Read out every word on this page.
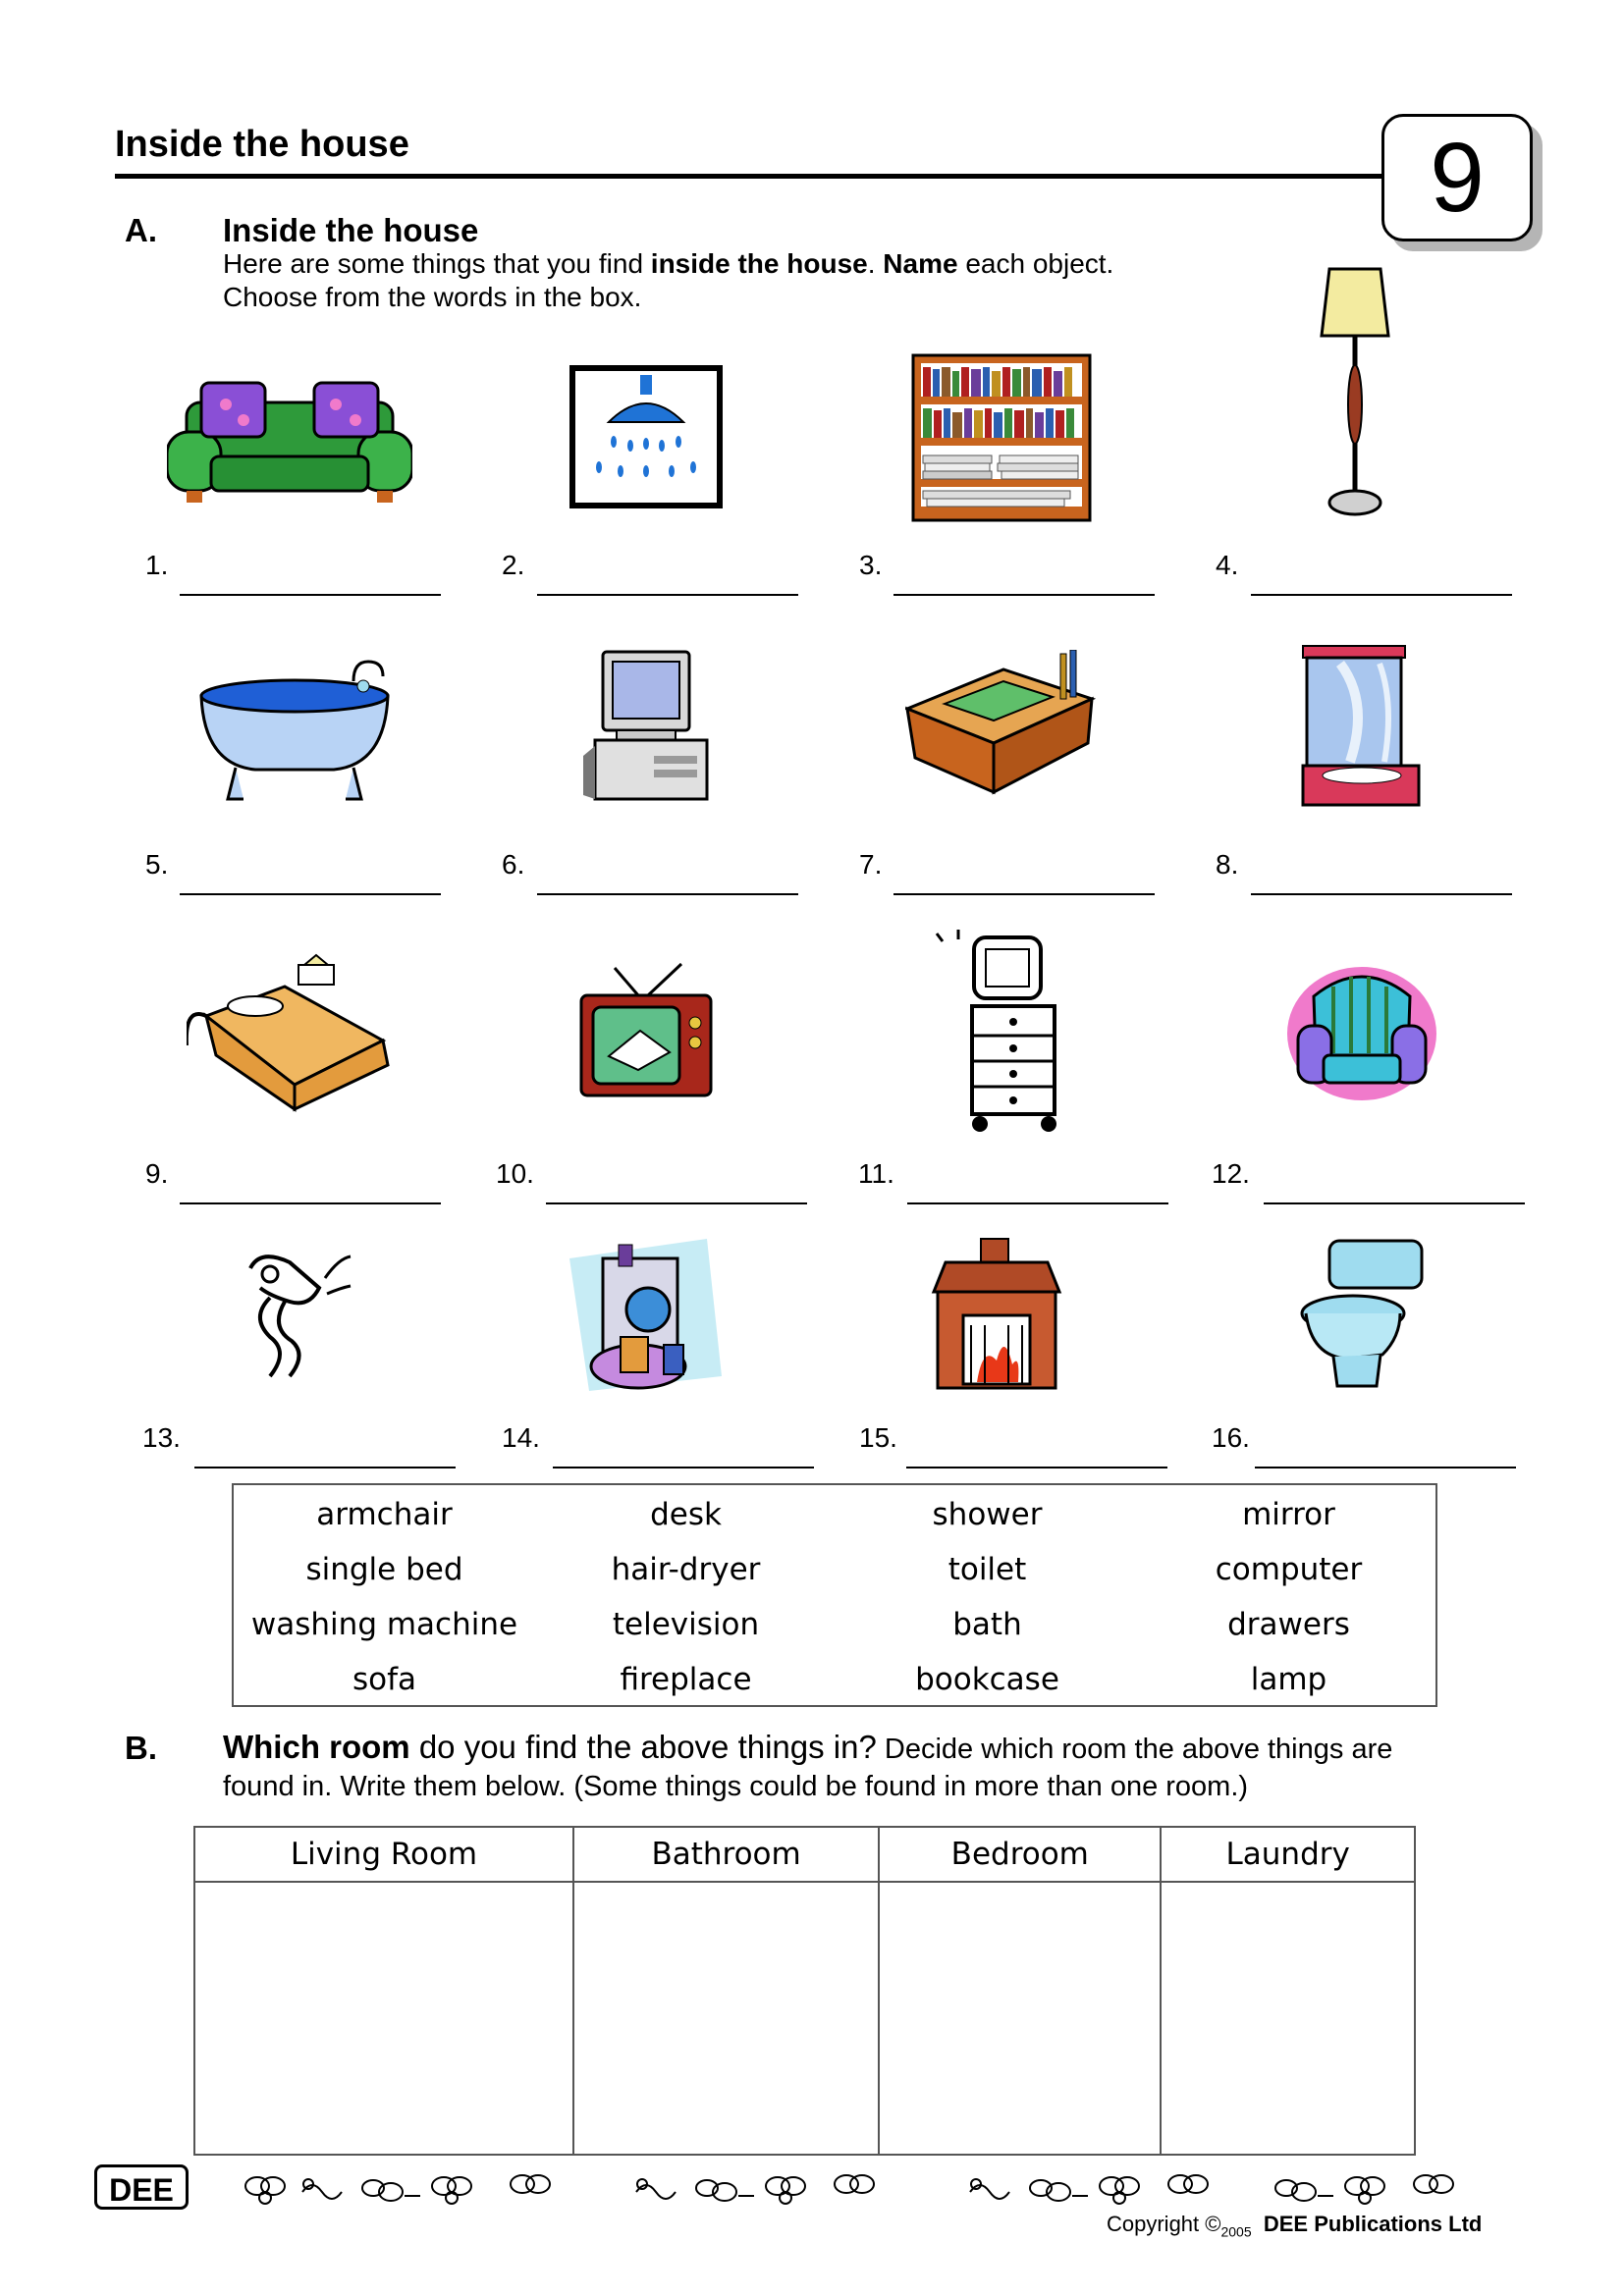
Inside the house	9
A. Inside the house
Here are some things that you find inside the house. Name each object.
Choose from the words in the box.
1.	2.	3.	4.
5.	6.	7.	8.
9.	10.	11.	12.
13.	14.	15.	16.
armchair	desk	shower	mirror
single bed	hair-dryer	toilet	computer
washing machine	television	bath	drawers
sofa	fireplace	bookcase	lamp
B. Which room do you find the above things in? Decide which room the above things are found in. Write them below. (Some things could be found in more than one room.)
Living Room	Bathroom	Bedroom	Laundry

DEE
Copyright $©_{2005}$ DEE Publications Ltd
